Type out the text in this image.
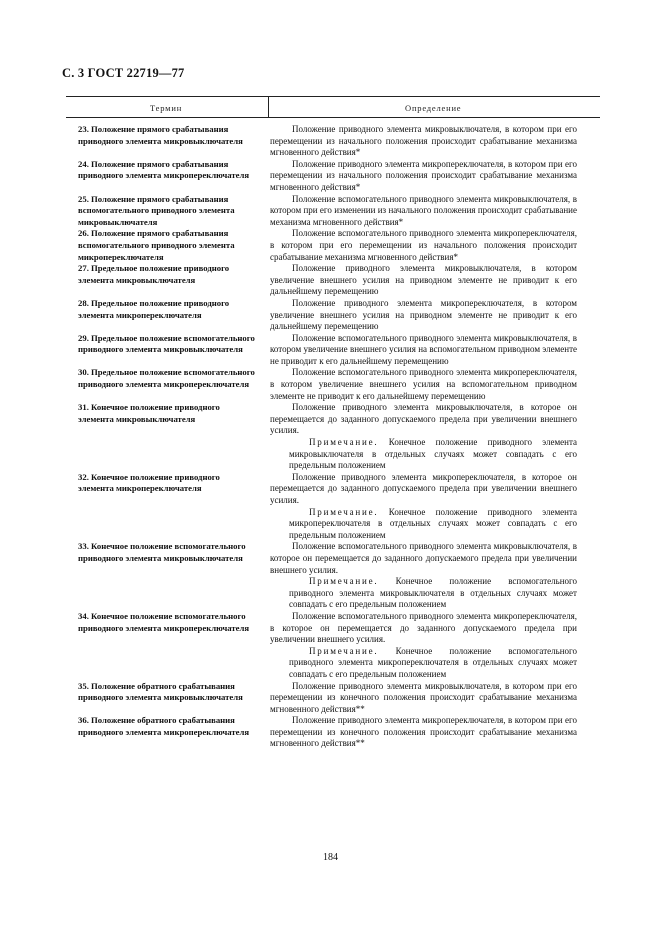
С. 3 ГОСТ 22719—77
Термин	Определение
23. Положение прямого срабатывания приводного элемента микровыключателя

Положение приводного элемента микровыключателя, в котором при его перемещении из начального положения происходит срабатывание механизма мгновенного действия*

24. Положение прямого срабатывания приводного элемента микропереключателя

Положение приводного элемента микропереключателя, в котором при его перемещении из начального положения происходит срабатывание механизма мгновенного действия*

25. Положение прямого срабатывания вспомогательного приводного элемента микровыключателя

Положение вспомогательного приводного элемента микровыключателя, в котором при его изменении из начального положения происходит срабатывание механизма мгновенного действия*

26. Положение прямого срабатывания вспомогательного приводного элемента микропереключателя

Положение вспомогательного приводного элемента микропереключателя, в котором при его перемещении из начального положения происходит срабатывание механизма мгновенного действия*

27. Предельное положение приводного элемента микровыключателя

Положение приводного элемента микровыключателя, в котором увеличение внешнего усилия на приводном элементе не приводит к его дальнейшему перемещению

28. Предельное положение приводного элемента микропереключателя

Положение приводного элемента микропереключателя, в котором увеличение внешнего усилия на приводном элементе не приводит к его дальнейшему перемещению

29. Предельное положение вспомогательного приводного элемента микровыключателя

Положение вспомогательного приводного элемента микровыключателя, в котором увеличение внешнего усилия на вспомогательном приводном элементе не приводит к его дальнейшему перемещению

30. Предельное положение вспомогательного приводного элемента микропереключателя

Положение вспомогательного приводного элемента микропереключателя, в котором увеличение внешнего усилия на вспомогательном приводном элементе не приводит к его дальнейшему перемещению

31. Конечное положение приводного элемента микровыключателя

Положение приводного элемента микровыключателя, в которое он перемещается до заданного допускаемого предела при увеличении внешнего усилия.

Примечание. Конечное положение приводного элемента микровыключателя в отдельных случаях может совпадать с его предельным положением

32. Конечное положение приводного элемента микропереключателя

Положение приводного элемента микропереключателя, в которое он перемещается до заданного допускаемого предела при увеличении внешнего усилия.

Примечание. Конечное положение приводного элемента микропереключателя в отдельных случаях может совпадать с его предельным положением

33. Конечное положение вспомогательного приводного элемента микровыключателя

Положение вспомогательного приводного элемента микровыключателя, в которое он перемещается до заданного допускаемого предела при увеличении внешнего усилия.

Примечание. Конечное положение вспомогательного приводного элемента микровыключателя в отдельных случаях может совпадать с его предельным положением

34. Конечное положение вспомогательного приводного элемента микропереключателя

Положение вспомогательного приводного элемента микропереключателя, в которое он перемещается до заданного допускаемого предела при увеличении внешнего усилия.

Примечание. Конечное положение вспомогательного приводного элемента микропереключателя в отдельных случаях может совпадать с его предельным положением

35. Положение обратного срабатывания приводного элемента микровыключателя

Положение приводного элемента микровыключателя, в котором при его перемещении из конечного положения происходит срабатывание механизма мгновенного действия**

36. Положение обратного срабатывания приводного элемента микропереключателя

Положение приводного элемента микропереключателя, в котором при его перемещении из конечного положения происходит срабатывание механизма мгновенного действия**

184
